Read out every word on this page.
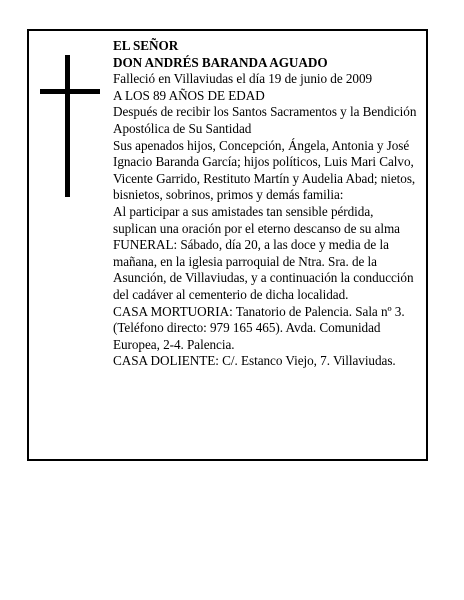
EL SEÑOR

DON ANDRÉS BARANDA AGUADO

Falleció en Villaviudas el día 19 de junio de 2009

A LOS 89 AÑOS DE EDAD

Después de recibir los Santos Sacramentos y la Bendición Apostólica de Su Santidad

Sus apenados hijos, Concepción, Ángela, Antonia y José Ignacio Baranda García; hijos políticos, Luis Mari Calvo, Vicente Garrido, Restituto Martín y Audelia Abad; nietos, bisnietos, sobrinos, primos y demás familia:

Al participar a sus amistades tan sensible pérdida, suplican una oración por el eterno descanso de su alma

FUNERAL: Sábado, día 20, a las doce y media de la mañana, en la iglesia parroquial de Ntra. Sra. de la Asunción, de Villaviudas, y a continuación la conducción del cadáver al cementerio de dicha localidad.

CASA MORTUORIA: Tanatorio de Palencia. Sala nº 3. (Teléfono directo: 979 165 465). Avda. Comunidad Europea, 2-4. Palencia.

CASA DOLIENTE: C/. Estanco Viejo, 7. Villaviudas.
